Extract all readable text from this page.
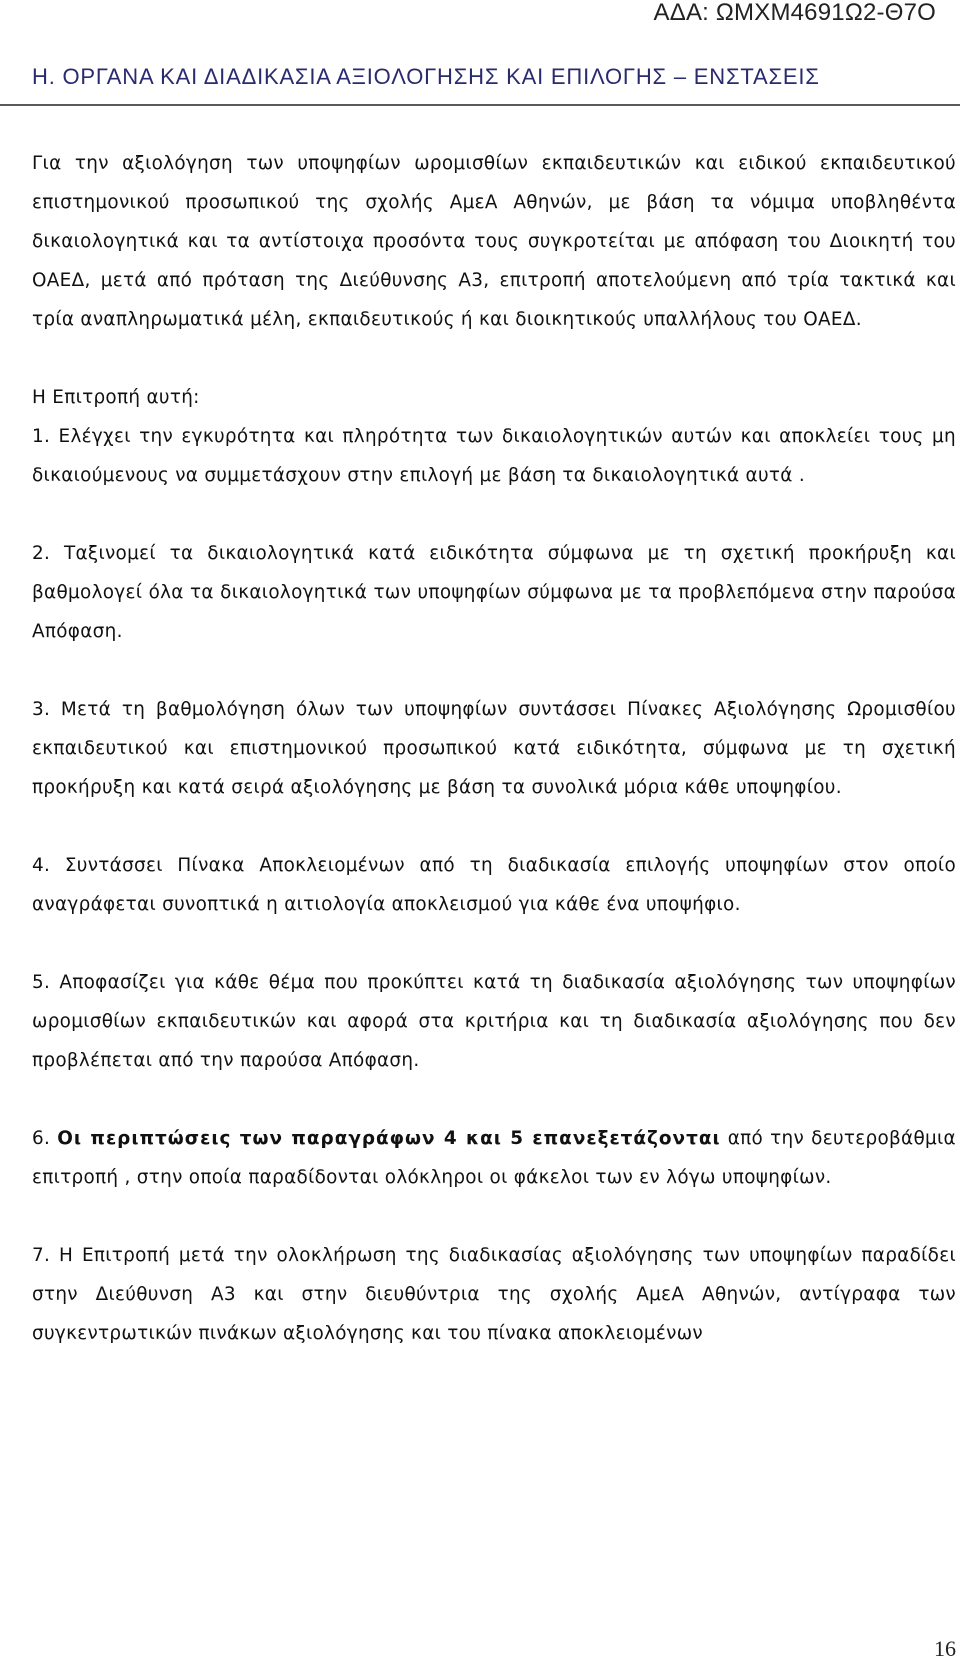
ΑΔΑ: ΩΜΧΜ4691Ω2-Θ7Ο
Η. ΟΡΓΑΝΑ ΚΑΙ ΔΙΑΔΙΚΑΣΙΑ ΑΞΙΟΛΟΓΗΣΗΣ ΚΑΙ ΕΠΙΛΟΓΗΣ – ΕΝΣΤΑΣΕΙΣ

Για την αξιολόγηση των υποψηφίων ωρομισθίων εκπαιδευτικών και ειδικού εκπαιδευτικού επιστημονικού προσωπικού της σχολής ΑμεΑ Αθηνών, με βάση τα νόμιμα υποβληθέντα δικαιολογητικά και τα αντίστοιχα προσόντα τους συγκροτείται με απόφαση του Διοικητή του ΟΑΕΔ, μετά από πρόταση της Διεύθυνσης Α3, επιτροπή αποτελούμενη από τρία τακτικά και τρία αναπληρωματικά μέλη, εκπαιδευτικούς ή και διοικητικούς υπαλλήλους του ΟΑΕΔ.

Η Επιτροπή αυτή:

1. Ελέγχει την εγκυρότητα και πληρότητα των δικαιολογητικών αυτών και αποκλείει τους μη δικαιούμενους να συμμετάσχουν στην επιλογή με βάση τα δικαιολογητικά αυτά .

2. Ταξινομεί τα δικαιολογητικά κατά ειδικότητα σύμφωνα με τη σχετική προκήρυξη και βαθμολογεί όλα τα δικαιολογητικά των υποψηφίων σύμφωνα με τα προβλεπόμενα στην παρούσα Απόφαση.

3. Μετά τη βαθμολόγηση όλων των υποψηφίων συντάσσει Πίνακες Αξιολόγησης Ωρομισθίου εκπαιδευτικού και επιστημονικού προσωπικού κατά ειδικότητα, σύμφωνα με τη σχετική προκήρυξη και κατά σειρά αξιολόγησης με βάση τα συνολικά μόρια κάθε υποψηφίου.

4. Συντάσσει Πίνακα Αποκλειομένων από τη διαδικασία επιλογής υποψηφίων στον οποίο αναγράφεται συνοπτικά η αιτιολογία αποκλεισμού για κάθε ένα υποψήφιο.

5. Αποφασίζει για κάθε θέμα που προκύπτει κατά τη διαδικασία αξιολόγησης των υποψηφίων ωρομισθίων εκπαιδευτικών και αφορά στα κριτήρια και τη διαδικασία αξιολόγησης που δεν προβλέπεται από την παρούσα Απόφαση.

6. Οι περιπτώσεις των παραγράφων 4 και 5 επανεξετάζονται από την δευτεροβάθμια επιτροπή , στην οποία παραδίδονται ολόκληροι οι φάκελοι των εν λόγω υποψηφίων.

7. Η Επιτροπή μετά την ολοκλήρωση της διαδικασίας αξιολόγησης των υποψηφίων παραδίδει στην Διεύθυνση Α3 και στην διευθύντρια της σχολής ΑμεΑ Αθηνών, αντίγραφα των συγκεντρωτικών πινάκων αξιολόγησης και του πίνακα αποκλειομένων

16
